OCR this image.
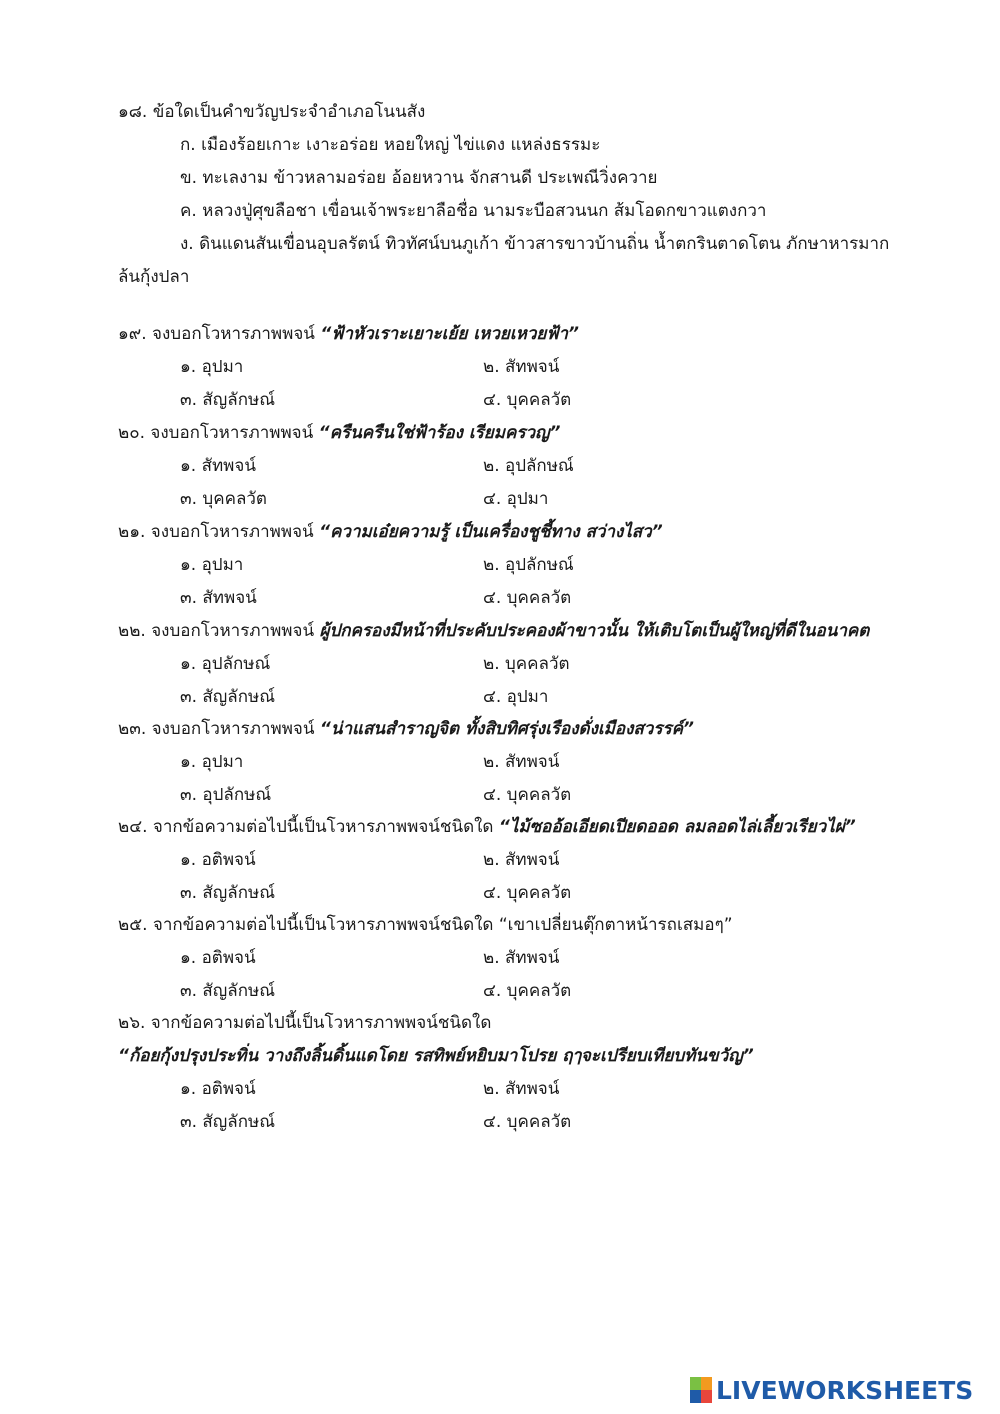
๑๘. ข้อใดเป็นคำขวัญประจำอำเภอโนนสัง
ก. เมืองร้อยเกาะ เงาะอร่อย หอยใหญ่ ไข่แดง แหล่งธรรมะ
ข. ทะเลงาม ข้าวหลามอร่อย อ้อยหวาน จักสานดี ประเพณีวิ่งควาย
ค. หลวงปู่ศุขลือชา เขื่อนเจ้าพระยาลือชื่อ นามระบือสวนนก ส้มโอดกขาวแตงกวา
ง. ดินแดนสันเขื่อนอุบลรัตน์ ทิวทัศน์บนภูเก้า ข้าวสารขาวบ้านถิ่น น้ำตกรินตาดโตน ภักษาหารมาก
ล้นกุ้งปลา
๑๙. จงบอกโวหารภาพพจน์ “ฟ้าหัวเราะเยาะเย้ย เหวยเหวยฟ้า”
๑. อุปมา	๒. สัทพจน์
๓. สัญลักษณ์	๔. บุคคลวัต
๒๐. จงบอกโวหารภาพพจน์ “ครืนครืนใช่ฟ้าร้อง เรียมครวญ”
๑. สัทพจน์	๒. อุปลักษณ์
๓. บุคคลวัต	๔. อุปมา
๒๑. จงบอกโวหารภาพพจน์ “ความเอ๋ยความรู้ เป็นเครื่องชูชี้ทาง สว่างไสว”
๑. อุปมา	๒. อุปลักษณ์
๓. สัทพจน์	๔. บุคคลวัต
๒๒. จงบอกโวหารภาพพจน์ ผู้ปกครองมีหน้าที่ประคับประคองผ้าขาวนั้น ให้เติบโตเป็นผู้ใหญ่ที่ดีในอนาคต
๑. อุปลักษณ์	๒. บุคคลวัต
๓. สัญลักษณ์	๔. อุปมา
๒๓. จงบอกโวหารภาพพจน์ “น่าแสนสำราญจิต ทั้งสิบทิศรุ่งเรืองดั่งเมืองสวรรค์”
๑. อุปมา	๒. สัทพจน์
๓. อุปลักษณ์	๔. บุคคลวัต
๒๔. จากข้อความต่อไปนี้เป็นโวหารภาพพจน์ชนิดใด “ไม้ซออ้อเอียดเปียดออด ลมลอดไล่เลี้ยวเรียวไผ่”
๑. อติพจน์	๒. สัทพจน์
๓. สัญลักษณ์	๔. บุคคลวัต
๒๕. จากข้อความต่อไปนี้เป็นโวหารภาพพจน์ชนิดใด “เขาเปลี่ยนตุ๊กตาหน้ารถเสมอๆ”
๑. อติพจน์	๒. สัทพจน์
๓. สัญลักษณ์	๔. บุคคลวัต
๒๖. จากข้อความต่อไปนี้เป็นโวหารภาพพจน์ชนิดใด
“ก้อยกุ้งปรุงประทิ่น วางถึงลิ้นดิ้นแดโดย รสทิพย์หยิบมาโปรย ฤๅจะเปรียบเทียบทันขวัญ”
๑. อติพจน์	๒. สัทพจน์
๓. สัญลักษณ์	๔. บุคคลวัต
LIVEWORKSHEETS
